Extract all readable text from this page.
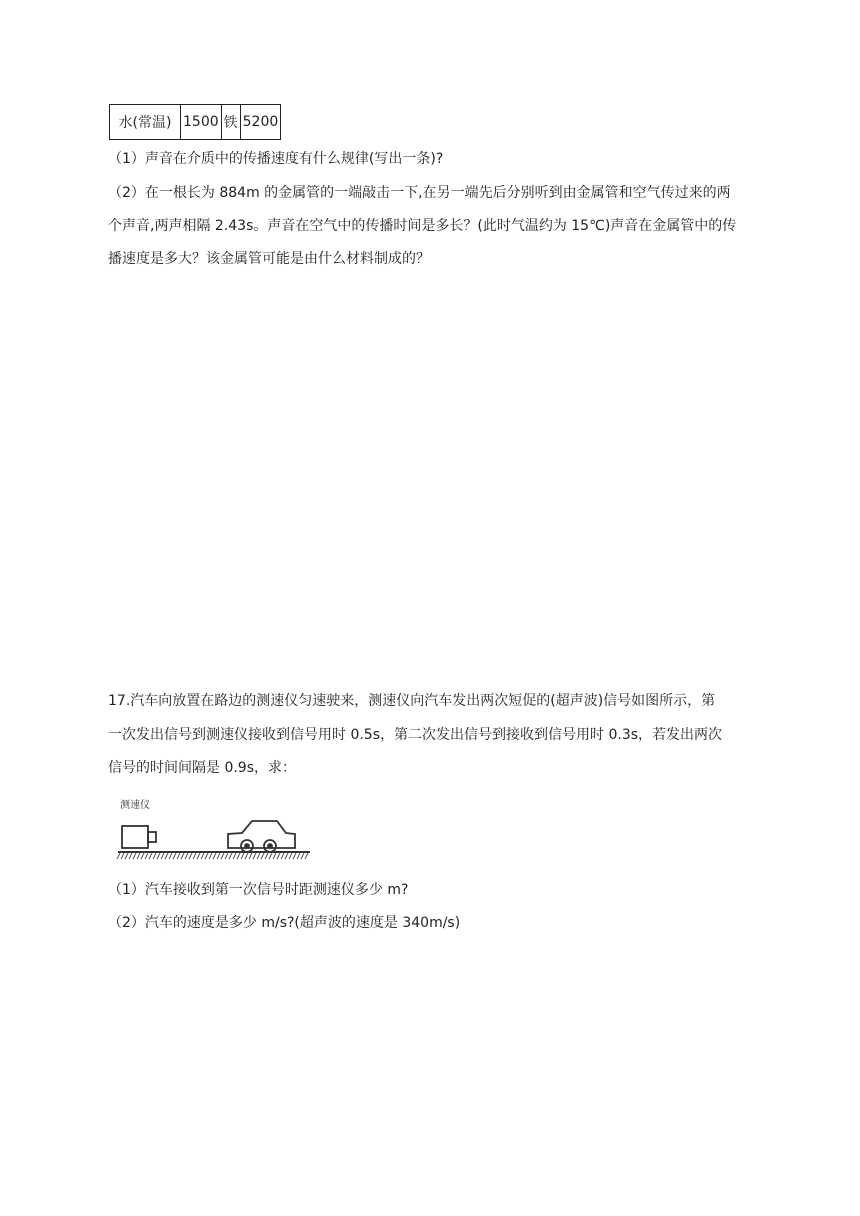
水(常温)	1500	铁	5200
（1）声音在介质中的传播速度有什么规律(写出一条)?
（2）在一根长为 884m 的金属管的一端敲击一下,在另一端先后分别听到由金属管和空气传过来的两
个声音,两声相隔 2.43s。声音在空气中的传播时间是多长？(此时气温约为 15℃)声音在金属管中的传
播速度是多大？该金属管可能是由什么材料制成的？
17.汽车向放置在路边的测速仪匀速驶来，测速仪向汽车发出两次短促的(超声波)信号如图所示，第
一次发出信号到测速仪接收到信号用时 0.5s，第二次发出信号到接收到信号用时 0.3s，若发出两次
信号的时间间隔是 0.9s，求：
测速仪
（1）汽车接收到第一次信号时距测速仪多少 m?
（2）汽车的速度是多少 m/s?(超声波的速度是 340m/s)
